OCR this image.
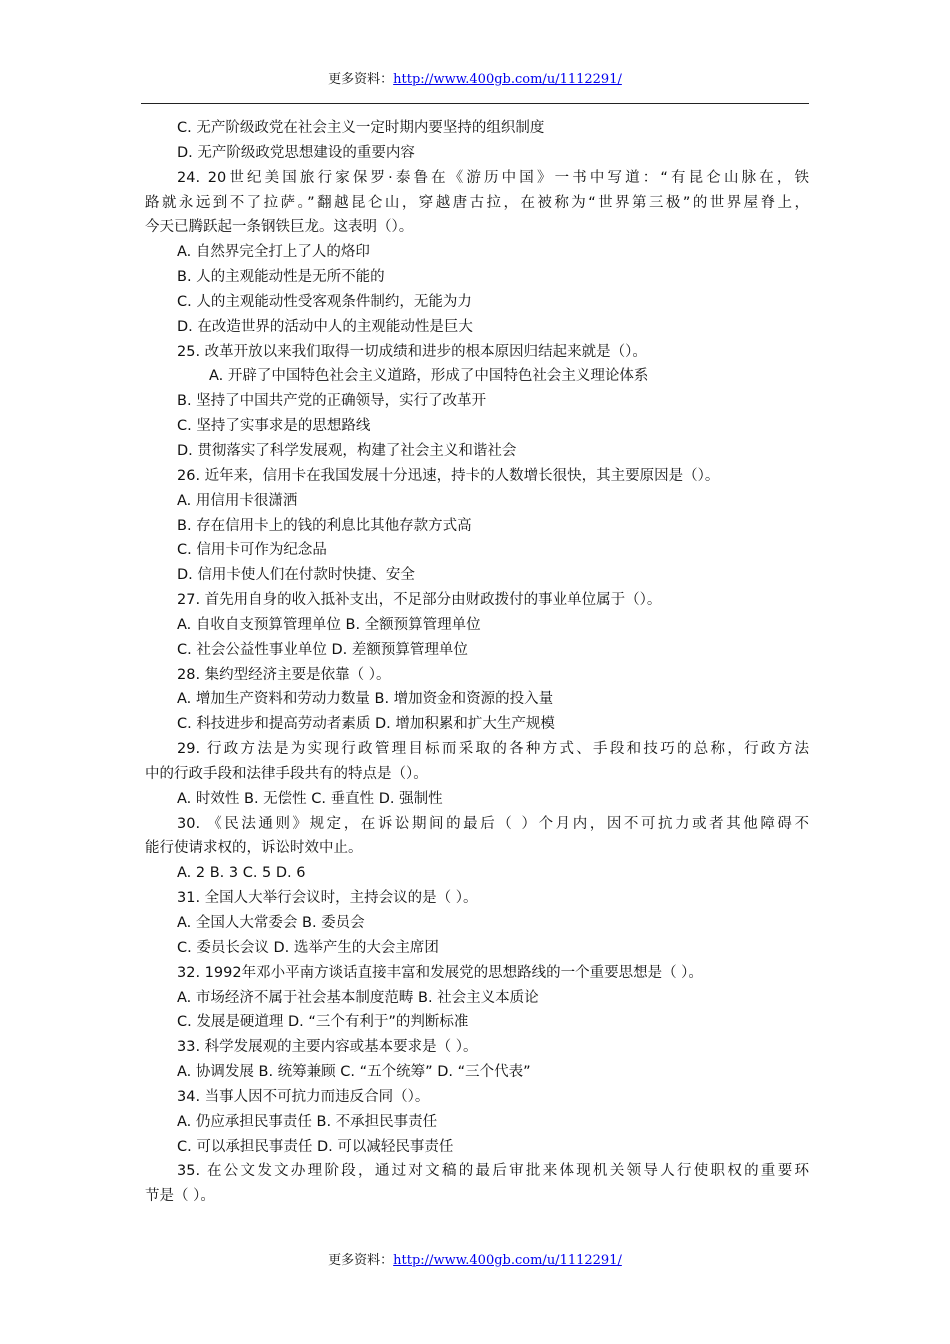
更多资料：http://www.400gb.com/u/1112291/
C. 无产阶级政党在社会主义一定时期内要坚持的组织制度
D. 无产阶级政党思想建设的重要内容
24. 20世纪美国旅行家保罗·泰鲁在《游历中国》一书中写道：“有昆仑山脉在，铁
路就永远到不了拉萨。”翻越昆仑山，穿越唐古拉，在被称为“世界第三极”的世界屋脊上，
今天已腾跃起一条钢铁巨龙。这表明（）。
A. 自然界完全打上了人的烙印
B. 人的主观能动性是无所不能的
C. 人的主观能动性受客观条件制约，无能为力
D. 在改造世界的活动中人的主观能动性是巨大
25. 改革开放以来我们取得一切成绩和进步的根本原因归结起来就是（）。
A. 开辟了中国特色社会主义道路，形成了中国特色社会主义理论体系
B. 坚持了中国共产党的正确领导，实行了改革开
C. 坚持了实事求是的思想路线
D. 贯彻落实了科学发展观，构建了社会主义和谐社会
26. 近年来，信用卡在我国发展十分迅速，持卡的人数增长很快，其主要原因是（）。
A. 用信用卡很潇洒
B. 存在信用卡上的钱的利息比其他存款方式高
C. 信用卡可作为纪念品
D. 信用卡使人们在付款时快捷、安全
27. 首先用自身的收入抵补支出，不足部分由财政拨付的事业单位属于（）。
A. 自收自支预算管理单位 B. 全额预算管理单位
C. 社会公益性事业单位 D. 差额预算管理单位
28. 集约型经济主要是依靠（ ）。
A. 增加生产资料和劳动力数量 B. 增加资金和资源的投入量
C. 科技进步和提高劳动者素质 D. 增加积累和扩大生产规模
29. 行政方法是为实现行政管理目标而采取的各种方式、手段和技巧的总称，行政方法
中的行政手段和法律手段共有的特点是（）。
A. 时效性 B. 无偿性 C. 垂直性 D. 强制性
30. 《民法通则》规定，在诉讼期间的最后（ ）个月内，因不可抗力或者其他障碍不
能行使请求权的，诉讼时效中止。
A. 2 B. 3 C. 5 D. 6
31. 全国人大举行会议时，主持会议的是（ ）。
A. 全国人大常委会 B. 委员会
C. 委员长会议 D. 选举产生的大会主席团
32. 1992年邓小平南方谈话直接丰富和发展党的思想路线的一个重要思想是（ ）。
A. 市场经济不属于社会基本制度范畴 B. 社会主义本质论
C. 发展是硬道理 D. “三个有利于”的判断标准
33. 科学发展观的主要内容或基本要求是（ ）。
A. 协调发展 B. 统筹兼顾 C. “五个统筹” D. “三个代表”
34. 当事人因不可抗力而违反合同（）。
A. 仍应承担民事责任 B. 不承担民事责任
C. 可以承担民事责任 D. 可以减轻民事责任
35. 在公文发文办理阶段，通过对文稿的最后审批来体现机关领导人行使职权的重要环
节是（ ）。
更多资料：http://www.400gb.com/u/1112291/
